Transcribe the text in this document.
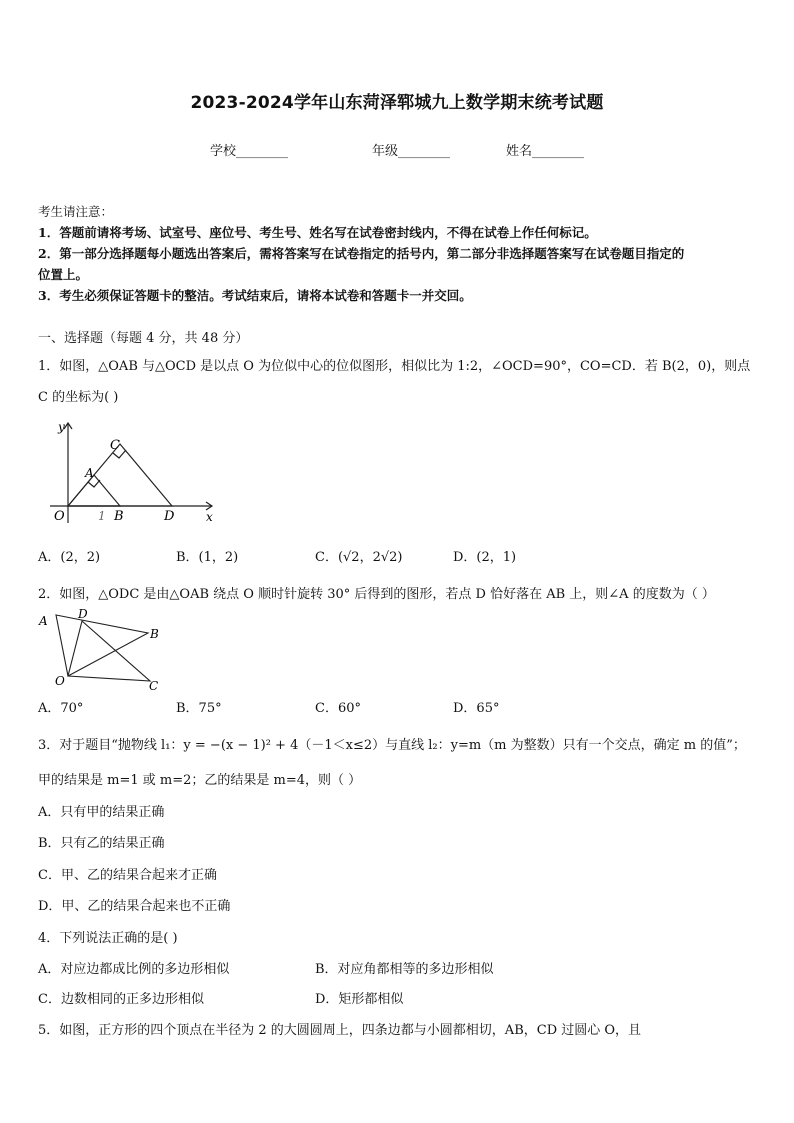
2023-2024学年山东菏泽郓城九上数学期末统考试题
学校________	年级________	姓名________
考生请注意：
1．答题前请将考场、试室号、座位号、考生号、姓名写在试卷密封线内，不得在试卷上作任何标记。
2．第一部分选择题每小题选出答案后，需将答案写在试卷指定的括号内，第二部分非选择题答案写在试卷题目指定的
位置上。
3．考生必须保证答题卡的整洁。考试结束后，请将本试卷和答题卡一并交回。
一、选择题（每题 4 分，共 48 分）
1．如图，△OAB 与△OCD 是以点 O 为位似中心的位似图形，相似比为 1:2，∠OCD=90°，CO=CD．若 B(2，0)，则点
C 的坐标为( )
y
x
O
A
B
C
D
1
A．(2，2)	B．(1，2)	C．(√2，2√2)	D．(2，1)
2．如图，△ODC 是由△OAB 绕点 O 顺时针旋转 30° 后得到的图形，若点 D 恰好落在 AB 上，则∠A 的度数为（ ）
A	D
B
O	C
A．70°	B．75°	C．60°	D．65°
3．对于题目“抛物线 l₁：y = −(x − 1)² + 4（－1＜x≤2）与直线 l₂：y=m（m 为整数）只有一个交点，确定 m 的值”；
甲的结果是 m=1 或 m=2；乙的结果是 m=4，则（ ）
A．只有甲的结果正确
B．只有乙的结果正确
C．甲、乙的结果合起来才正确
D．甲、乙的结果合起来也不正确
4．下列说法正确的是( )
A．对应边都成比例的多边形相似	B．对应角都相等的多边形相似
C．边数相同的正多边形相似	D．矩形都相似
5．如图，正方形的四个顶点在半径为 2 的大圆圆周上，四条边都与小圆都相切，AB，CD 过圆心 O，且
